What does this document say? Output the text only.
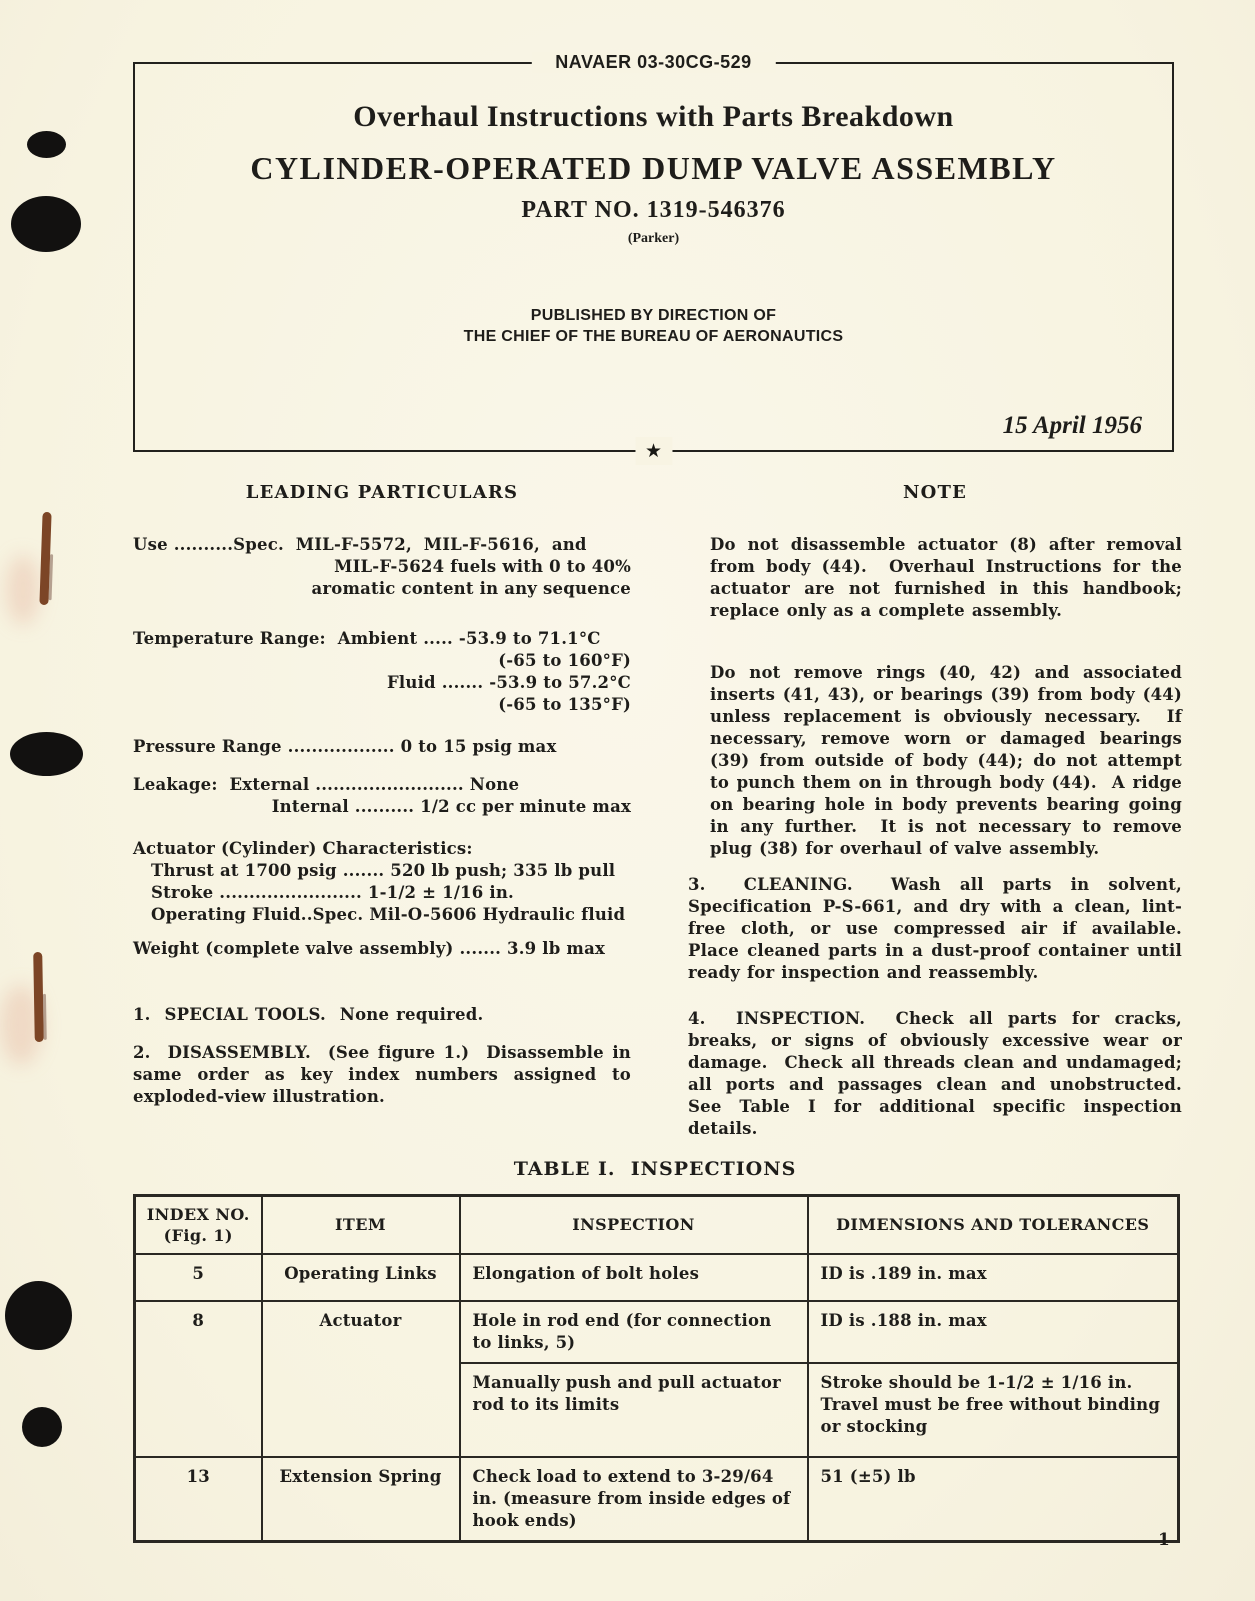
NAVAER 03-30CG-529
Overhaul Instructions with Parts Breakdown
CYLINDER-OPERATED DUMP VALVE ASSEMBLY
PART NO. 1319-546376
(Parker)
PUBLISHED BY DIRECTION OF
THE CHIEF OF THE BUREAU OF AERONAUTICS
15 April 1956
★
LEADING PARTICULARS
Use ..........Spec.  MIL-F-5572,  MIL-F-5616,  and
MIL-F-5624 fuels with 0 to 40%
aromatic content in any sequence
Temperature Range:  Ambient ..... -53.9 to 71.1°C
(-65 to 160°F)
Fluid ....... -53.9 to 57.2°C
(-65 to 135°F)
Pressure Range .................. 0 to 15 psig max
Leakage:  External ......................... None
Internal .......... 1/2 cc per minute max
Actuator (Cylinder) Characteristics:
Thrust at 1700 psig ....... 520 lb push; 335 lb pull
Stroke ........................ 1-1/2 ± 1/16 in.
Operating Fluid..Spec. Mil-O-5606 Hydraulic fluid
Weight (complete valve assembly) ....... 3.9 lb max
1.  SPECIAL TOOLS.  None required.
2.  DISASSEMBLY.  (See figure 1.)  Disassemble in same order as key index numbers assigned to exploded-view illustration.
NOTE
Do not disassemble actuator (8) after removal from body (44).  Overhaul Instructions for the actuator are not furnished in this handbook; replace only as a complete assembly.
Do not remove rings (40, 42) and associated inserts (41, 43), or bearings (39) from body (44) unless replacement is obviously necessary.  If necessary, remove worn or damaged bearings (39) from outside of body (44); do not attempt to punch them on in through body (44).  A ridge on bearing hole in body prevents bearing going in any further.  It is not necessary to remove plug (38) for overhaul of valve assembly.
3.  CLEANING.  Wash all parts in solvent, Specification P-S-661, and dry with a clean, lint-free cloth, or use compressed air if available.  Place cleaned parts in a dust-proof container until ready for inspection and reassembly.
4.  INSPECTION.  Check all parts for cracks, breaks, or signs of obviously excessive wear or damage.  Check all threads clean and undamaged; all ports and passages clean and unobstructed.  See Table I for additional specific inspection details.
TABLE I.  INSPECTIONS
INDEX NO.
(Fig. 1)	ITEM	INSPECTION	DIMENSIONS AND TOLERANCES
5	Operating Links	Elongation of bolt holes	ID is .189 in. max
8	Actuator	Hole in rod end (for connection to links, 5)	ID is .188 in. max
		Manually push and pull actuator rod to its limits	Stroke should be 1-1/2 ± 1/16 in. Travel must be free without binding or stocking
13	Extension Spring	Check load to extend to 3-29/64 in. (measure from inside edges of hook ends)	51 (±5) lb
1
